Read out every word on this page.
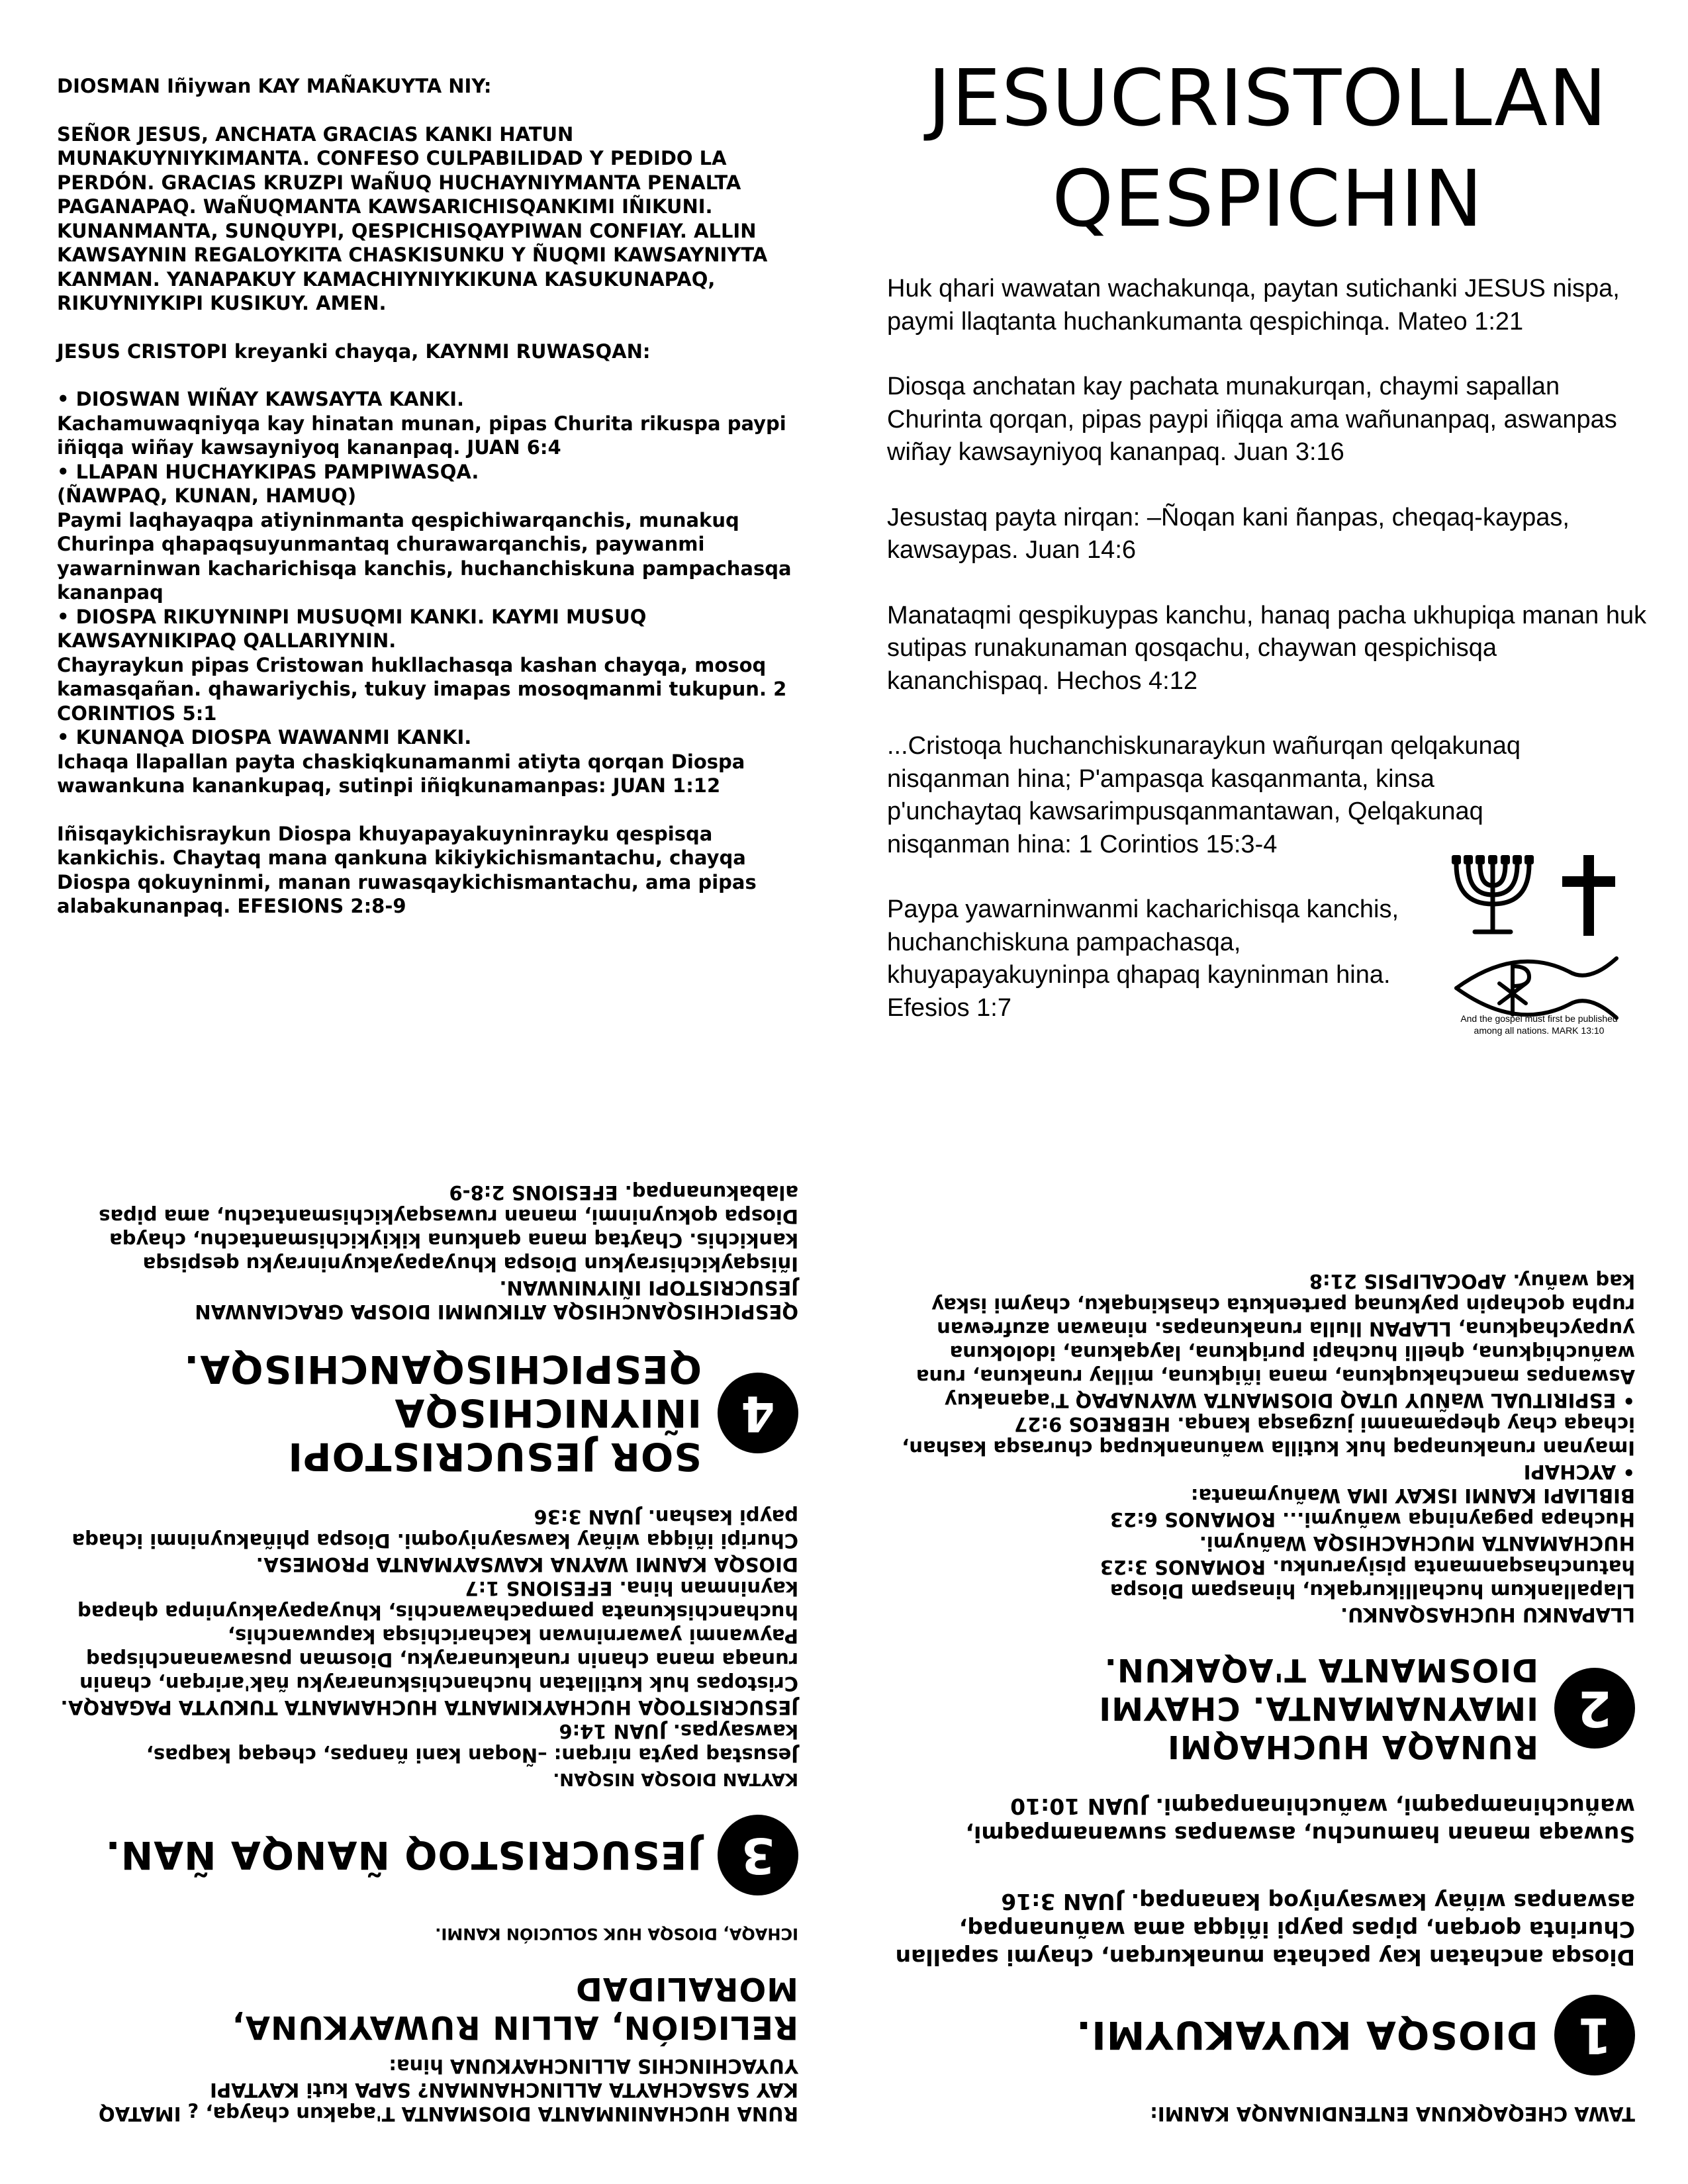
DIOSMAN Iñiywan KAY MAÑAKUYTA NIY:

SEÑOR JESUS, ANCHATA GRACIAS KANKI HATUN MUNAKUYNIYKIMANTA. CONFESO CULPABILIDAD Y PEDIDO LA PERDÓN. GRACIAS KRUZPI WaÑUQ HUCHAYNIYMANTA PENALTA PAGANAPAQ. WaÑUQMANTA KAWSARICHISQANKIMI IÑIKUNI. KUNANMANTA, SUNQUYPI, QESPICHISQAYPIWAN CONFIAY. ALLIN KAWSAYNIN REGALOYKITA CHASKISUNKU Y ÑUQMI KAWSAYNIYTA KANMAN. YANAPAKUY KAMACHIYNIYKIKUNA KASUKUNAPAQ, RIKUYNIYKIPI KUSIKUY. AMEN.

JESUS CRISTOPI kreyanki chayqa, KAYNMI RUWASQAN:

• DIOSWAN WIÑAY KAWSAYTA KANKI.

Kachamuwaqniyqa kay hinatan munan, pipas Churita rikuspa paypi iñiqqa wiñay kawsayniyoq kananpaq. JUAN 6:4

• LLAPAN HUCHAYKIPAS PAMPIWASQA.

(ÑAWPAQ, KUNAN, HAMUQ)

Paymi laqhayaqpa atiyninmanta qespichiwarqanchis, munakuq Churinpa qhapaqsuyunmantaq churawarqanchis, paywanmi yawarninwan kacharichisqa kanchis, huchanchiskuna pampachasqa kananpaq

• DIOSPA RIKUYNINPI MUSUQMI KANKI. KAYMI MUSUQ KAWSAYNIKIPAQ QALLARIYNIN.

Chayraykun pipas Cristowan hukllachasqa kashan chayqa, mosoq kamasqañan. qhawariychis, tukuy imapas mosoqmanmi tukupun. 2 CORINTIOS 5:1

• KUNANQA DIOSPA WAWANMI KANKI.

Ichaqa llapallan payta chaskiqkunamanmi atiyta qorqan Diospa wawankuna kanankupaq, sutinpi iñiqkunamanpas: JUAN 1:12

Iñisqaykichisraykun Diospa khuyapayakuyninrayku qespisqa kankichis. Chaytaq mana qankuna kikiykichismantachu, chayqa Diospa qokuyninmi, manan ruwasqaykichismantachu, ama pipas alabakunanpaq. EFESIONS 2:8-9

JESUCRISTOLLAN
QESPICHIN

Huk qhari wawatan wachakunqa, paytan sutichanki JESUS nispa, paymi llaqtanta huchankumanta qespichinqa. Mateo 1:21

Diosqa anchatan kay pachata munakurqan, chaymi sapallan Churinta qorqan, pipas paypi iñiqqa ama wañunanpaq, aswanpas wiñay kawsayniyoq kananpaq. Juan 3:16

Jesustaq payta nirqan: –Ñoqan kani ñanpas, cheqaq-kaypas, kawsaypas. Juan 14:6

Manataqmi qespikuypas kanchu, hanaq pacha ukhupiqa manan huk sutipas runakunaman qosqachu, chaywan qespichisqa kananchispaq. Hechos 4:12

...Cristoqa huchanchiskunaraykun wañurqan qelqakunaq nisqanman hina; P'ampasqa kasqanmanta, kinsa p'unchaytaq kawsarimpusqanmantawan, Qelqakunaq nisqanman hina: 1 Corintios 15:3-4

Paypa yawarninwanmi kacharichisqa kanchis, huchanchiskuna pampachasqa, khuyapayakuyninpa qhapaq kayninman hina. Efesios 1:7	And the gospel must first be published
among all nations. MARK 13:10

RUNA HUCHANINMANTA DIOSMANTA T'aqakun chayqa, ¿ IMATAQ KAY SASACHAYTA ALLINCHANMAN? SAPA kuti KAYTAPI YUYACHINCHIS ALLINCHAYKUNA hina:

RELIGIÓN, ALLIN RUWAYKUNA, MORALIDAD

ICHAQA, DIOSQA HUK SOLUCIÓN KANMI.

3
JESUCRISTOQ ÑANQA ÑAN.

KAYTAN DIOSQA NISQAN.

Jesustaq payta nirqan: –Ñoqan kani ñanpas, cheqaq kaqpas, kawsaypas. JUAN 14:6

JESUCRISTOQA HUCHAYKIMANTA HUCHAMANTA TUKUYTA PAGARQA.

Cristopas huk kutillatan huchanchiskunarayku ñak'arirqan, chanin runaqa mana chanin runakunarayku, Diosman pusawananchispaq

Paywanmi yawarninwan kacharichisqa kapuwanchis, huchanchiskunata pampachawanchis, khuyapayakuyninpa qhapaq kayninman hina. EFESIONS 1:7

DIOSQA KANMI WAYNA KAWSAYMANTA PROMESA.

Churipi iñiqqa wiñay kawsayniyoqmi. Diospa phiñakuyninmi ichaqa paypi kashan. JUAN 3:36

4
SOR JESUCRISTOPI IÑIYNICHISQA QESPICHISQANCHISQA.

QESPICHISQANCHISQA ATIKUMMI DIOSPA GRACIANWAN JESUCRISTOPI IÑIYNINWAN.

Iñisqaykichisraykun Diospa khuyapayakuyninrayku qespisqa kankichis. Chaytaq mana qankuna kikiykichismantachu, chayqa Diospa qokuyninmi, manan ruwasqaykichismantachu, ama pipas alabakunanpaq. EFESIONS 2:8-9

TAWA CHEQAQKUNA ENTENDINANQA KANMI:

1
DIOSQA KUYAKUYMI.

Diosqa anchatan kay pachata munakurqan, chaymi sapallan Churinta qorqan, pipas paypi iñiqqa ama wañunanpaq, aswanpas wiñay kawsayniyoq kananpaq. JUAN 3:16

Suwaqa manan hamunchu, aswanpas suwanampaqmi, wañuchinampaqmi, wañuchinanpaqmi. JUAN 10:10

2
RUNAQA HUCHAQMI IMAYNAMANTA. CHAYMI DIOSMANTA T'AQAKUN.

LLAPANKU HUCHASQANKU.

Llapallankum huchallikurqaku, hinaspam Diospa hatunchasqanmanta pisiyarunku. ROMANOS 3:23

HUCHAMANTA MUCHACHISQA Wañuymi.

Huchapa pagayninqa wañuymi... ROMANOS 6:23

BIBLIAPI KANMI ISKAY IMA Wañuymanta:

• AYCHAPI

Imaynan runakunapaq huk kutilla wañunankupaq churasqa kashan, ichaqa chay qhepamanmi juzgasqa kanqa. HEBREOS 9:27

• ESPIRITUAL WaÑUY UTAQ DIOSMANTA WAYNAPAQ T'aqanakuy

Aswanpas manchakuqkuna, mana iñiqkuna, millay runakuna, runa wañuchiqkuna, qhelli huchapi puriqkuna, layqakuna, idolokuna yupaychaqkuna, LLAPAN llulla runakunapas. ninawan azufrewan rupha qochapin paykunaq partenkuta chaskinqaku, chaymi iskay kaq wañuy. APOCALIPSIS 21:8
